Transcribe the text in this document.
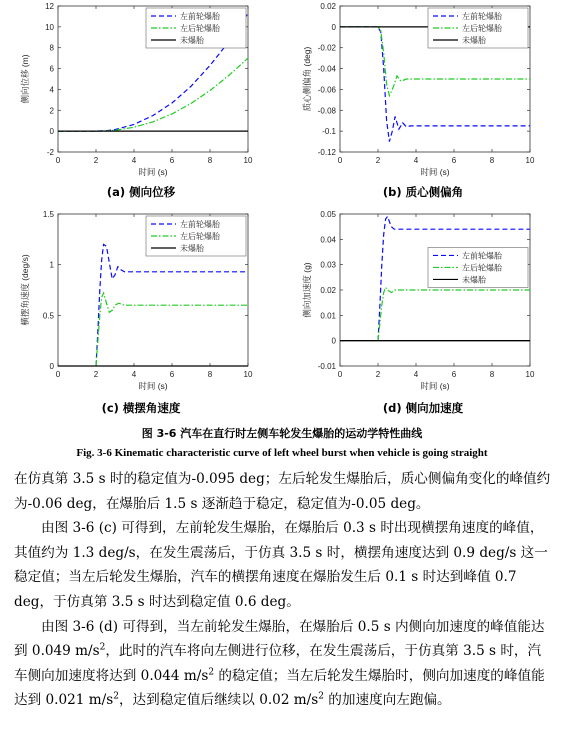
0	2	4	6	8	10
-2
0
2
4
6
8
10
12
时间 (s)
侧向位移 (m)
左前轮爆胎
左后轮爆胎
未爆胎
(a) 侧向位移
0	2	4	6	8	10
-0.12
-0.1
-0.08
-0.06
-0.04
-0.02
0
0.02
时间 (s)
质心侧偏角 (deg)
左前轮爆胎
左后轮爆胎
未爆胎
(b) 质心侧偏角
0	2	4	6	8	10
0
0.5
1
1.5
时间 (s)
横摆角速度 (deg/s)
左前轮爆胎
左后轮爆胎
未爆胎
(c) 横摆角速度
0	2	4	6	8	10
-0.01
0
0.01
0.02
0.03
0.04
0.05
时间 (s)
侧向加速度 (g)
左前轮爆胎
左后轮爆胎
未爆胎
(d) 侧向加速度
图 3-6 汽车在直行时左侧车轮发生爆胎的运动学特性曲线
Fig. 3-6 Kinematic characteristic curve of left wheel burst when vehicle is going straight

在仿真第 3.5 s 时的稳定值为-0.095 deg；左后轮发生爆胎后，质心侧偏角变化的峰值约为-0.06 deg，在爆胎后 1.5 s 逐渐趋于稳定，稳定值为-0.05 deg。

由图 3-6 (c) 可得到，左前轮发生爆胎，在爆胎后 0.3 s 时出现横摆角速度的峰值，其值约为 1.3 deg/s，在发生震荡后，于仿真 3.5 s 时，横摆角速度达到 0.9 deg/s 这一稳定值；当左后轮发生爆胎，汽车的横摆角速度在爆胎发生后 0.1 s 时达到峰值 0.7 deg，于仿真第 3.5 s 时达到稳定值 0.6 deg。

由图 3-6 (d) 可得到，当左前轮发生爆胎，在爆胎后 0.5 s 内侧向加速度的峰值能达到 0.049 $m/s^2$，此时的汽车将向左侧进行位移，在发生震荡后，于仿真第 3.5 s 时，汽车侧向加速度将达到 0.044 $m/s^2$ 的稳定值；当左后轮发生爆胎时，侧向加速度的峰值能达到 0.021 $m/s^2$，达到稳定值后继续以 0.02 $m/s^2$ 的加速度向左跑偏。
